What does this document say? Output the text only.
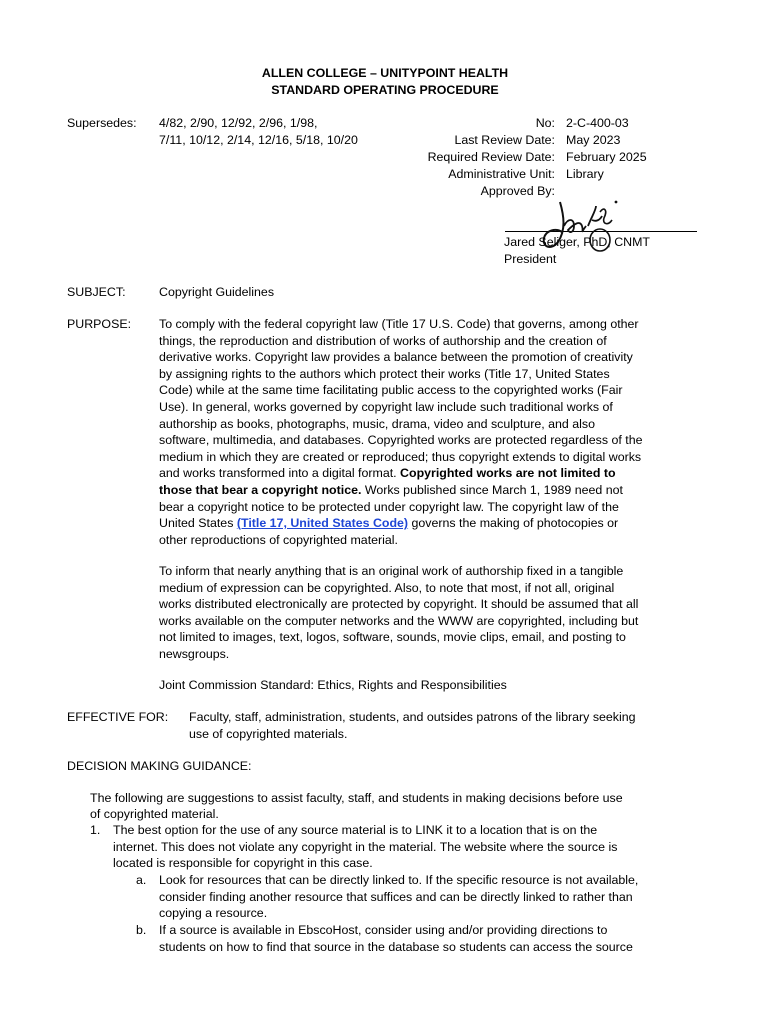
ALLEN COLLEGE – UNITYPOINT HEALTH
STANDARD OPERATING PROCEDURE
Supersedes: 4/82, 2/90, 12/92, 2/96, 1/98,
7/11, 10/12, 2/14, 12/16, 5/18, 10/20
No: 2-C-400-03
Last Review Date: May 2023
Required Review Date: February 2025
Administrative Unit: Library
Approved By:
Jared Seliger, PhD, CNMT
President
SUBJECT:	Copyright Guidelines
PURPOSE: To comply with the federal copyright law (Title 17 U.S. Code) that governs, among other
things, the reproduction and distribution of works of authorship and the creation of
derivative works. Copyright law provides a balance between the promotion of creativity
by assigning rights to the authors which protect their works (Title 17, United States
Code) while at the same time facilitating public access to the copyrighted works (Fair
Use). In general, works governed by copyright law include such traditional works of
authorship as books, photographs, music, drama, video and sculpture, and also
software, multimedia, and databases. Copyrighted works are protected regardless of the
medium in which they are created or reproduced; thus copyright extends to digital works
and works transformed into a digital format. Copyrighted works are not limited to
those that bear a copyright notice. Works published since March 1, 1989 need not
bear a copyright notice to be protected under copyright law. The copyright law of the
United States (Title 17, United States Code) governs the making of photocopies or
other reproductions of copyrighted material.
To inform that nearly anything that is an original work of authorship fixed in a tangible
medium of expression can be copyrighted. Also, to note that most, if not all, original
works distributed electronically are protected by copyright. It should be assumed that all
works available on the computer networks and the WWW are copyrighted, including but
not limited to images, text, logos, software, sounds, movie clips, email, and posting to
newsgroups.
Joint Commission Standard: Ethics, Rights and Responsibilities
EFFECTIVE FOR: Faculty, staff, administration, students, and outsides patrons of the library seeking
use of copyrighted materials.
DECISION MAKING GUIDANCE:
The following are suggestions to assist faculty, staff, and students in making decisions before use
of copyrighted material.
1. The best option for the use of any source material is to LINK it to a location that is on the
internet. This does not violate any copyright in the material. The website where the source is
located is responsible for copyright in this case.
a. Look for resources that can be directly linked to. If the specific resource is not available,
consider finding another resource that suffices and can be directly linked to rather than
copying a resource.
b. If a source is available in EbscoHost, consider using and/or providing directions to
students on how to find that source in the database so students can access the source
